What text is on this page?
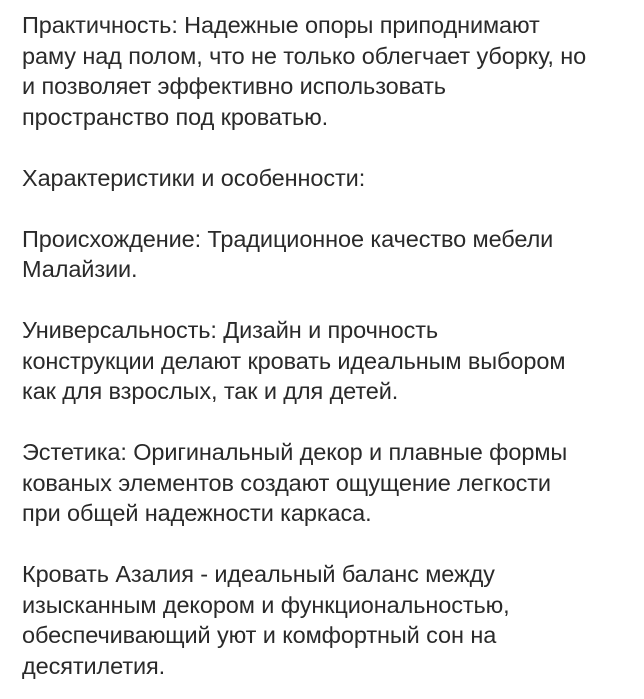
Практичность: Надежные опоры приподнимают
раму над полом, что не только облегчает уборку, но
и позволяет эффективно использовать
пространство под кроватью.

Характеристики и особенности:

Происхождение: Традиционное качество мебели
Малайзии.

Универсальность: Дизайн и прочность
конструкции делают кровать идеальным выбором
как для взрослых, так и для детей.

Эстетика: Оригинальный декор и плавные формы
кованых элементов создают ощущение легкости
при общей надежности каркаса.

Кровать Азалия - идеальный баланс между
изысканным декором и функциональностью,
обеспечивающий уют и комфортный сон на
десятилетия.
